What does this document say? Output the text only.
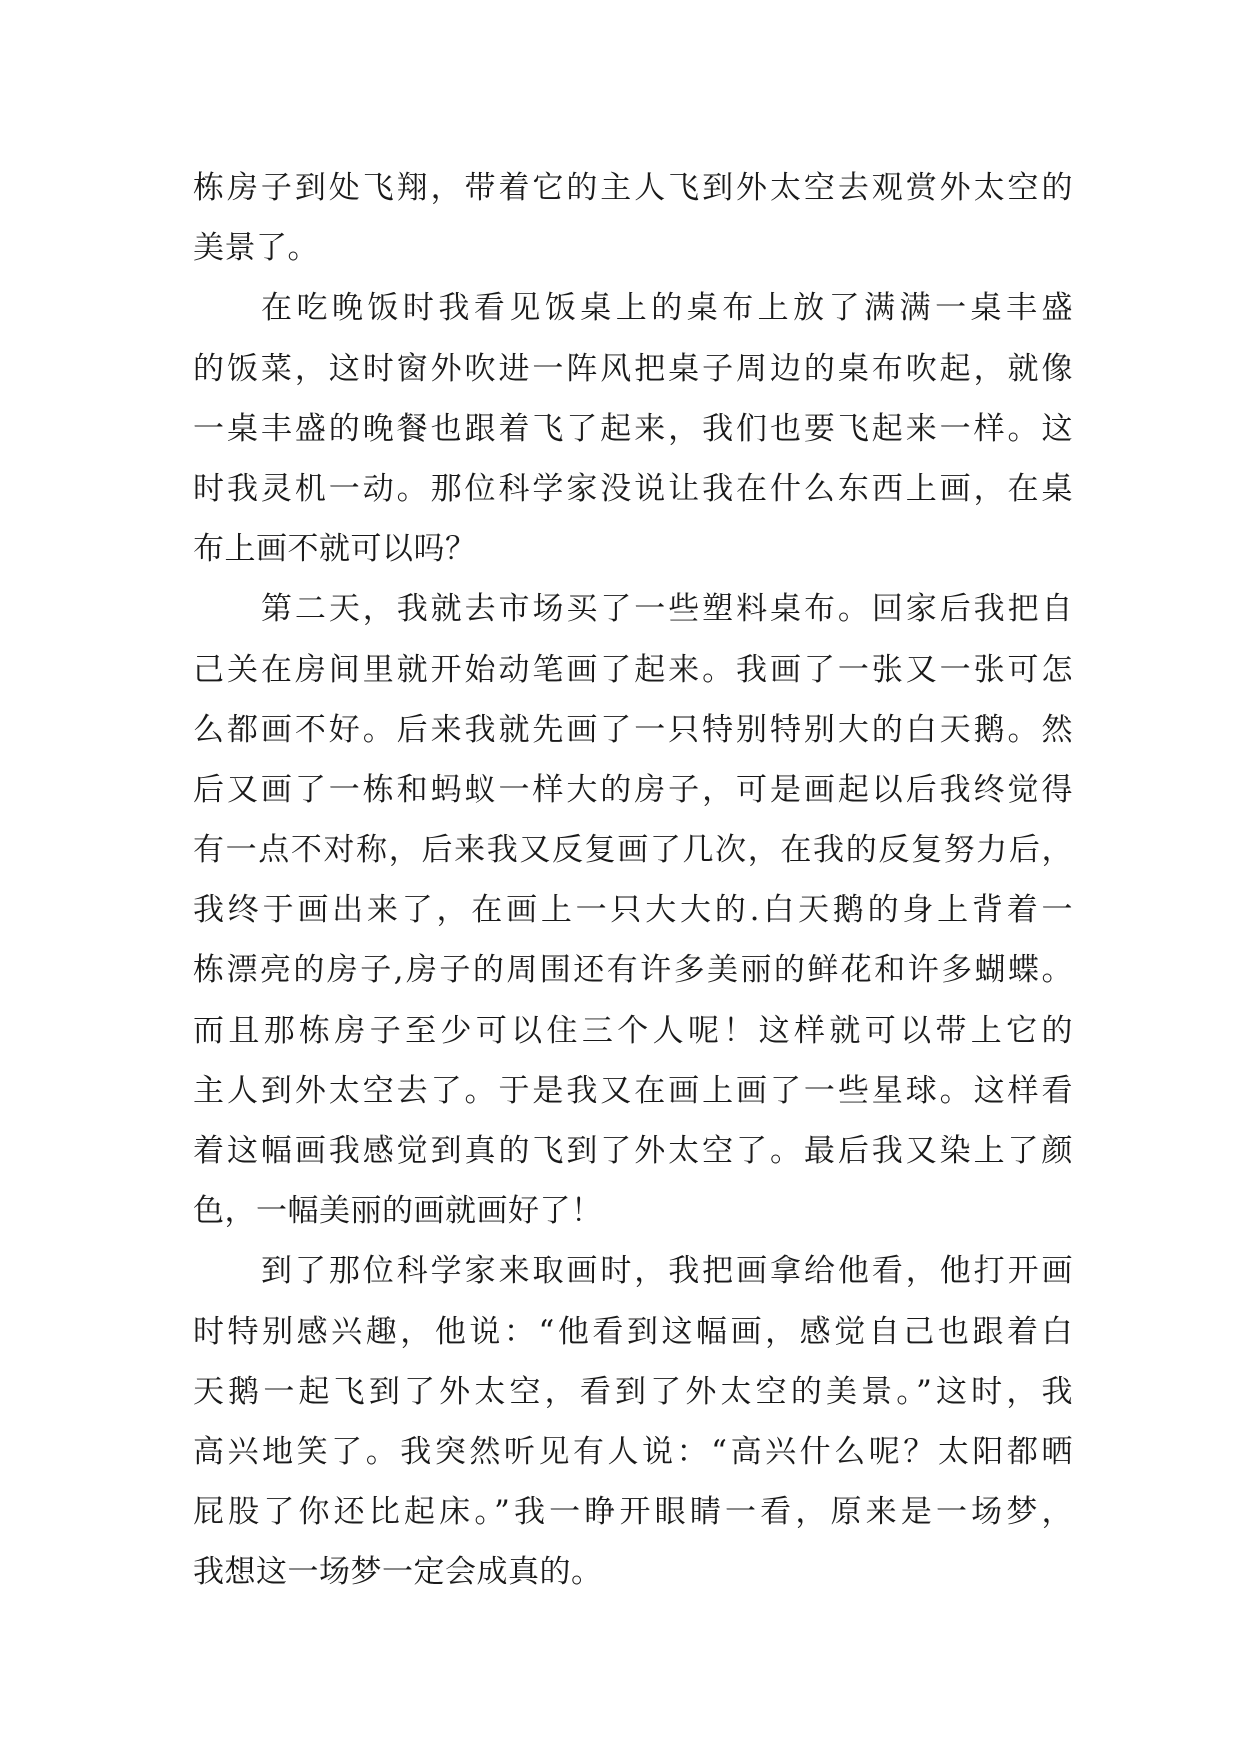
栋房子到处飞翔，带着它的主人飞到外太空去观赏外太空的
美景了。
在吃晚饭时我看见饭桌上的桌布上放了满满一桌丰盛
的饭菜，这时窗外吹进一阵风把桌子周边的桌布吹起，就像
一桌丰盛的晚餐也跟着飞了起来，我们也要飞起来一样。这
时我灵机一动。那位科学家没说让我在什么东西上画，在桌
布上画不就可以吗？
第二天，我就去市场买了一些塑料桌布。回家后我把自
己关在房间里就开始动笔画了起来。我画了一张又一张可怎
么都画不好。后来我就先画了一只特别特别大的白天鹅。然
后又画了一栋和蚂蚁一样大的房子，可是画起以后我终觉得
有一点不对称，后来我又反复画了几次，在我的反复努力后，
我终于画出来了，在画上一只大大的.白天鹅的身上背着一
栋漂亮的房子,房子的周围还有许多美丽的鲜花和许多蝴蝶。
而且那栋房子至少可以住三个人呢！这样就可以带上它的
主人到外太空去了。于是我又在画上画了一些星球。这样看
着这幅画我感觉到真的飞到了外太空了。最后我又染上了颜
色，一幅美丽的画就画好了！
到了那位科学家来取画时，我把画拿给他看，他打开画
时特别感兴趣，他说：“他看到这幅画，感觉自己也跟着白
天鹅一起飞到了外太空，看到了外太空的美景。”这时，我
高兴地笑了。我突然听见有人说：“高兴什么呢？太阳都晒
屁股了你还比起床。”我一睁开眼睛一看，原来是一场梦，
我想这一场梦一定会成真的。
